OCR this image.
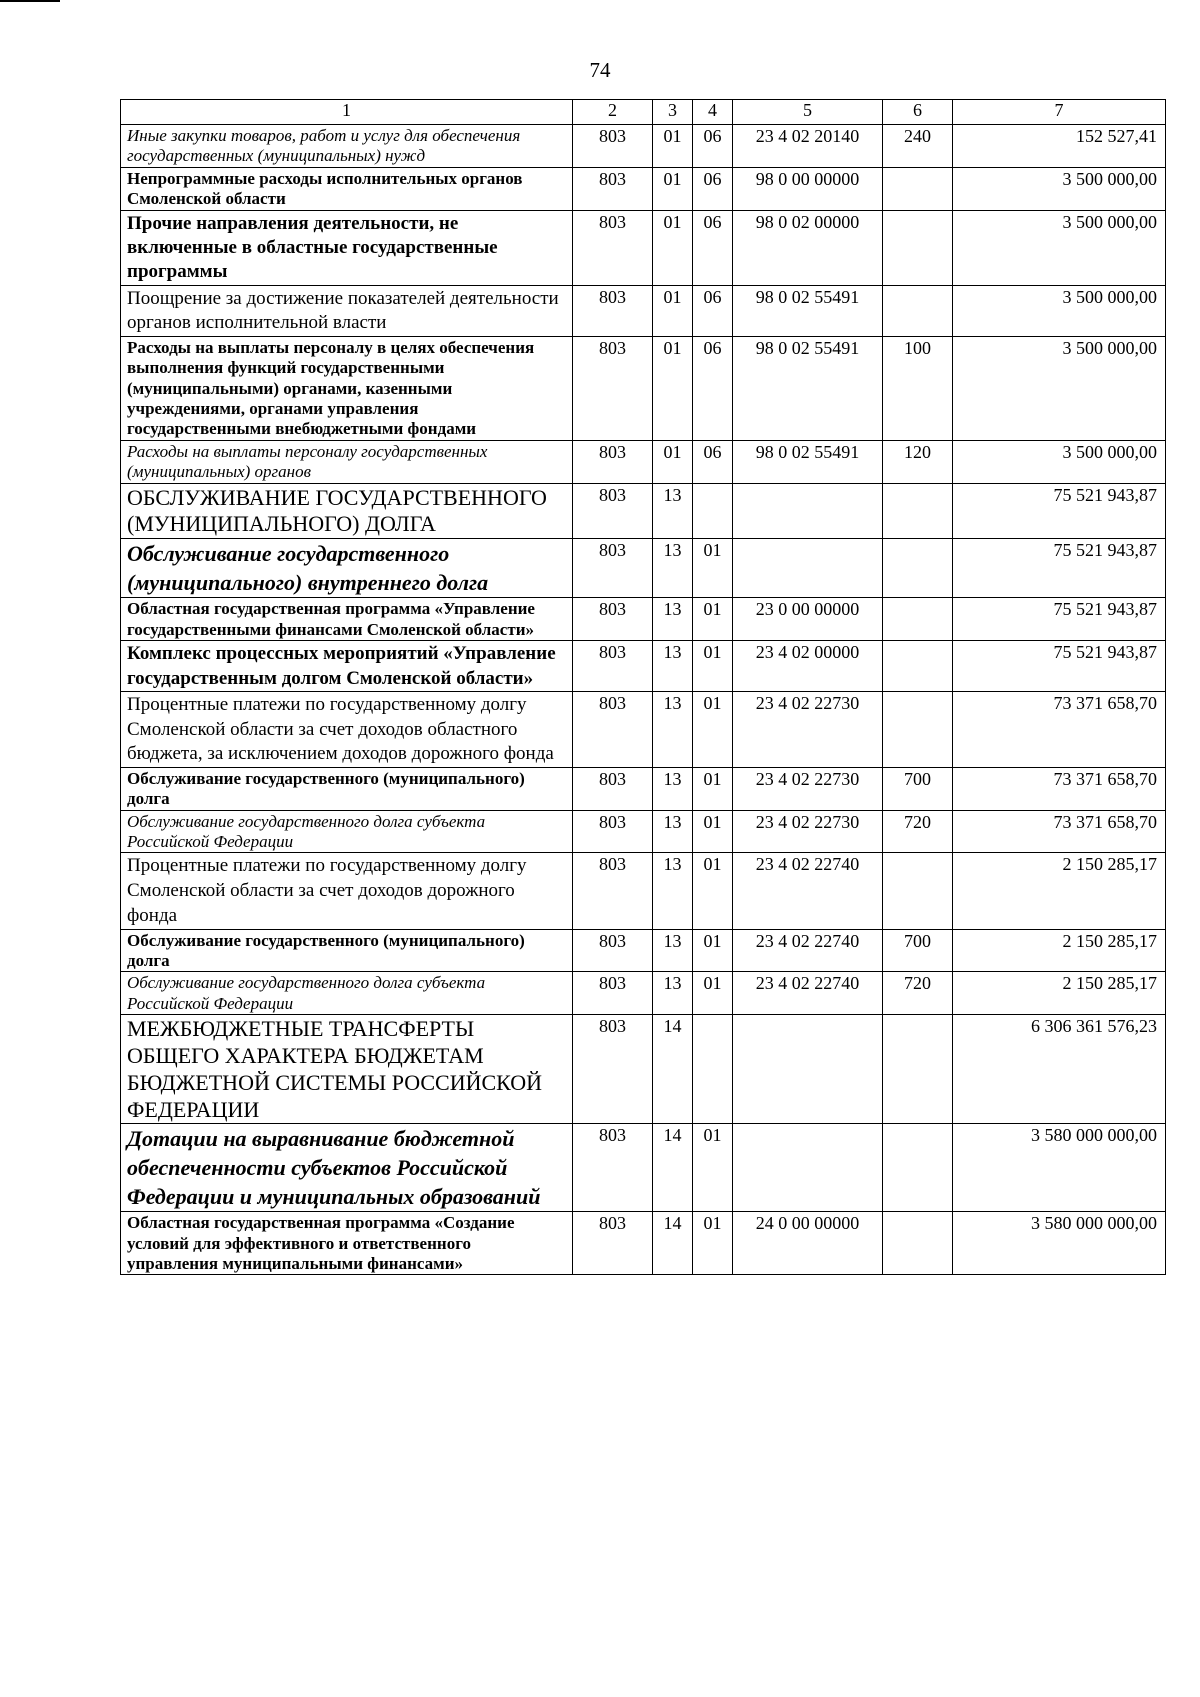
74
1	2	3	4	5	6	7
Иные закупки товаров, работ и услуг для обеспечения государственных (муниципальных) нужд	803	01	06	23 4 02 20140	240	152 527,41
Непрограммные расходы исполнительных органов Смоленской области	803	01	06	98 0 00 00000		3 500 000,00
Прочие направления деятельности, не включенные в областные государственные программы	803	01	06	98 0 02 00000		3 500 000,00
Поощрение за достижение показателей деятельности органов исполнительной власти	803	01	06	98 0 02 55491		3 500 000,00
Расходы на выплаты персоналу в целях обеспечения выполнения функций государственными (муниципальными) органами, казенными учреждениями, органами управления государственными внебюджетными фондами	803	01	06	98 0 02 55491	100	3 500 000,00
Расходы на выплаты персоналу государственных (муниципальных) органов	803	01	06	98 0 02 55491	120	3 500 000,00
ОБСЛУЖИВАНИЕ ГОСУДАРСТВЕННОГО (МУНИЦИПАЛЬНОГО) ДОЛГА	803	13				75 521 943,87
Обслуживание государственного (муниципального) внутреннего долга	803	13	01			75 521 943,87
Областная государственная программа «Управление государственными финансами Смоленской области»	803	13	01	23 0 00 00000		75 521 943,87
Комплекс процессных мероприятий «Управление государственным долгом Смоленской области»	803	13	01	23 4 02 00000		75 521 943,87
Процентные платежи по государственному долгу Смоленской области за счет доходов областного бюджета, за исключением доходов дорожного фонда	803	13	01	23 4 02 22730		73 371 658,70
Обслуживание государственного (муниципального) долга	803	13	01	23 4 02 22730	700	73 371 658,70
Обслуживание государственного долга субъекта Российской Федерации	803	13	01	23 4 02 22730	720	73 371 658,70
Процентные платежи по государственному долгу Смоленской области за счет доходов дорожного фонда	803	13	01	23 4 02 22740		2 150 285,17
Обслуживание государственного (муниципального) долга	803	13	01	23 4 02 22740	700	2 150 285,17
Обслуживание государственного долга субъекта Российской Федерации	803	13	01	23 4 02 22740	720	2 150 285,17
МЕЖБЮДЖЕТНЫЕ ТРАНСФЕРТЫ ОБЩЕГО ХАРАКТЕРА БЮДЖЕТАМ БЮДЖЕТНОЙ СИСТЕМЫ РОССИЙСКОЙ ФЕДЕРАЦИИ	803	14				6 306 361 576,23
Дотации на выравнивание бюджетной обеспеченности субъектов Российской Федерации и муниципальных образований	803	14	01			3 580 000 000,00
Областная государственная программа «Создание условий для эффективного и ответственного управления муниципальными финансами»	803	14	01	24 0 00 00000		3 580 000 000,00
